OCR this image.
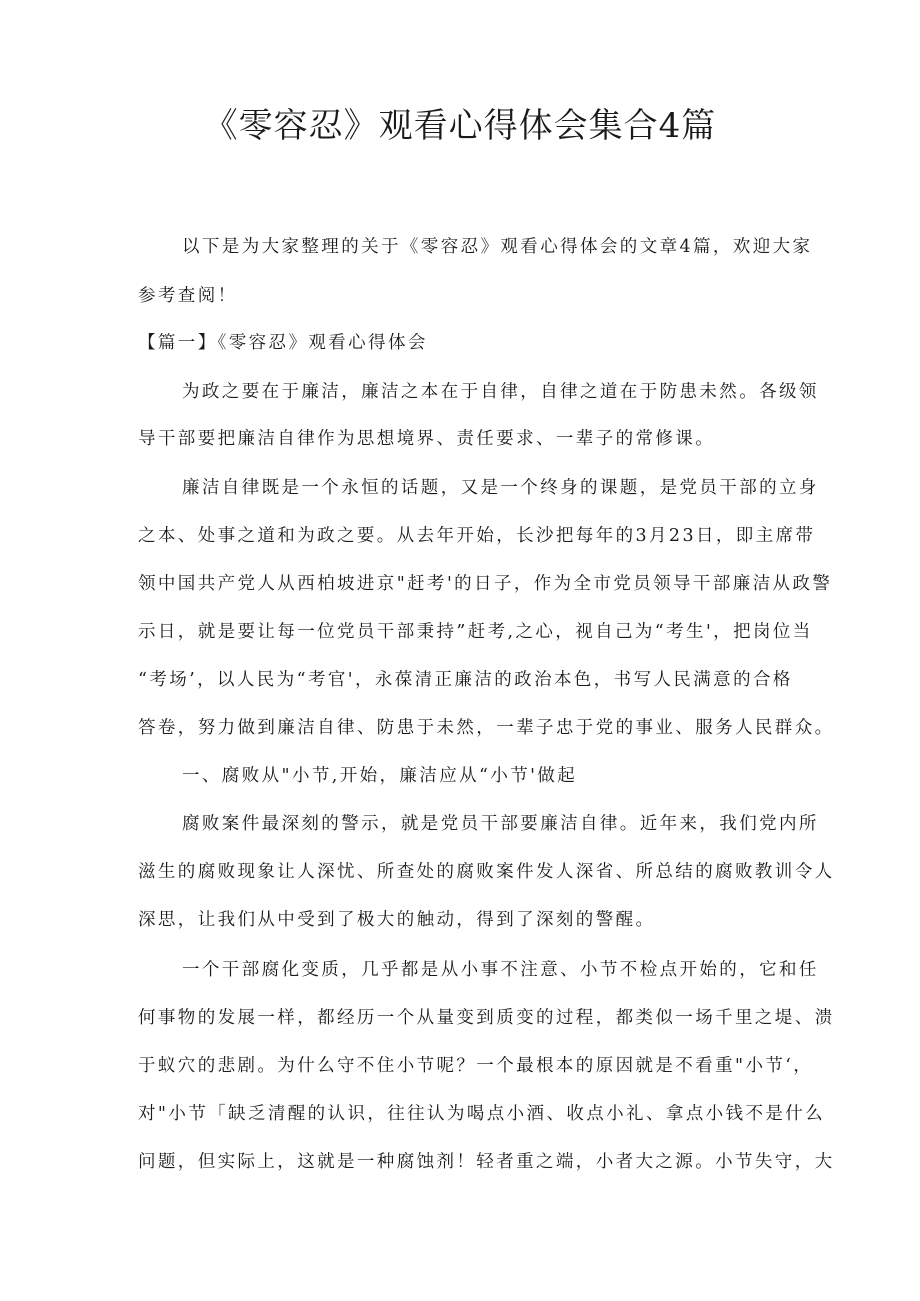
《零容忍》观看心得体会集合4篇
以下是为大家整理的关于《零容忍》观看心得体会的文章4篇，欢迎大家
参考查阅！
【篇一】《零容忍》观看心得体会
为政之要在于廉洁，廉洁之本在于自律，自律之道在于防患未然。各级领
导干部要把廉洁自律作为思想境界、责任要求、一辈子的常修课。
廉洁自律既是一个永恒的话题，又是一个终身的课题，是党员干部的立身
之本、处事之道和为政之要。从去年开始，长沙把每年的3月23日，即主席带
领中国共产党人从西柏坡进京"赶考'的日子，作为全市党员领导干部廉洁从政警
示日，就是要让每一位党员干部秉持”赶考,之心，视自己为“考生'，把岗位当
“考场’，以人民为“考官'，永葆清正廉洁的政治本色，书写人民满意的合格
答卷，努力做到廉洁自律、防患于未然，一辈子忠于党的事业、服务人民群众。
一、腐败从"小节,开始，廉洁应从“小节'做起
腐败案件最深刻的警示，就是党员干部要廉洁自律。近年来，我们党内所
滋生的腐败现象让人深忧、所查处的腐败案件发人深省、所总结的腐败教训令人
深思，让我们从中受到了极大的触动，得到了深刻的警醒。
一个干部腐化变质，几乎都是从小事不注意、小节不检点开始的，它和任
何事物的发展一样，都经历一个从量变到质变的过程，都类似一场千里之堤、溃
于蚁穴的悲剧。为什么守不住小节呢？一个最根本的原因就是不看重"小节‘，
对"小节「缺乏清醒的认识，往往认为喝点小酒、收点小礼、拿点小钱不是什么
问题，但实际上，这就是一种腐蚀剂！轻者重之端，小者大之源。小节失守，大
